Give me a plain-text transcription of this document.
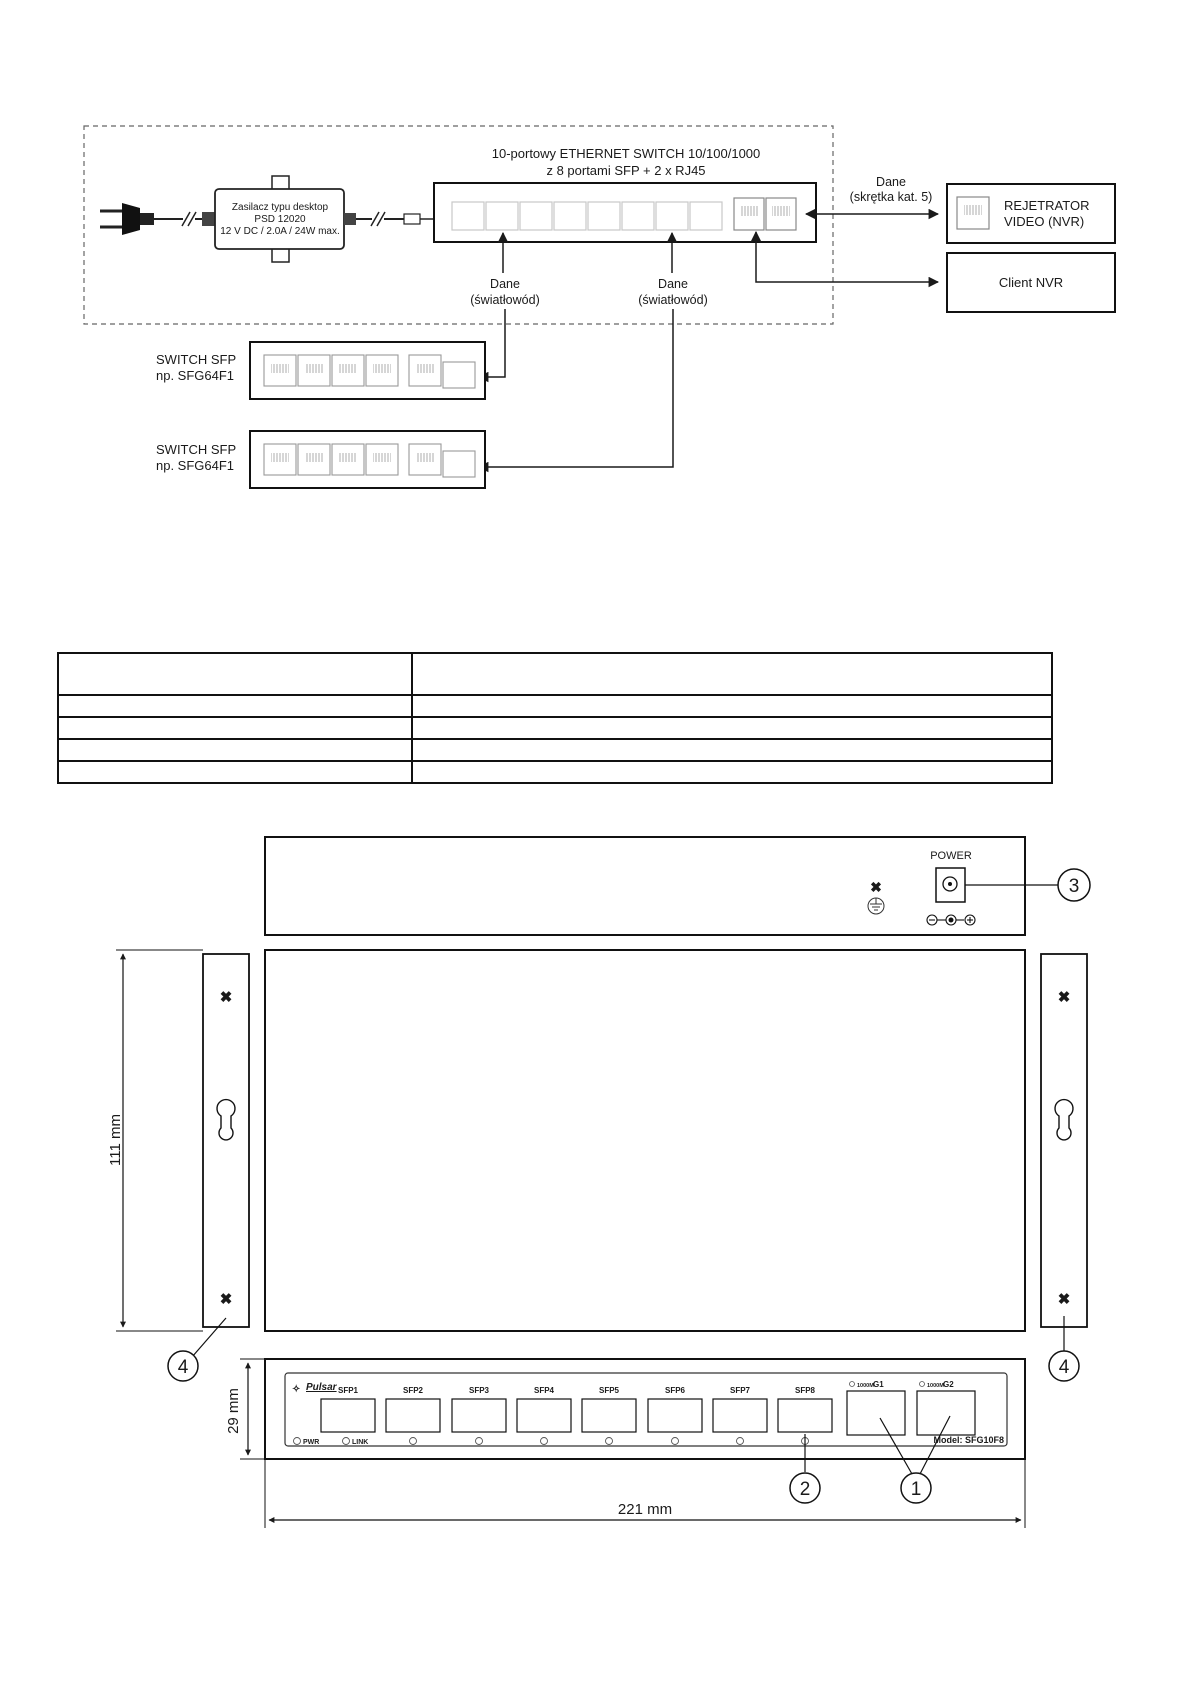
Zasilacz typu desktop
PSD 12020
12 V DC / 2.0A / 24W max.
10-portowy ETHERNET SWITCH 10/100/1000
z 8 portami SFP + 2 x RJ45
Dane
(skrętka kat. 5)
REJETRATOR
VIDEO (NVR)
Client NVR
Dane
(światłowód)
Dane
(światłowód)
SWITCH SFP
np. SFG64F1
SWITCH SFP
np. SFG64F1
POWER
✖	3
✖
✖
✖
✖
111 mm
4	4
✧ Pulsar SFP1	SFP2	SFP3	SFP4	SFP5	SFP6	SFP7	SFP8
PWR	LINK
1000M G1	1000M G2
Model: SFG10F8
2	1
29 mm
221 mm
